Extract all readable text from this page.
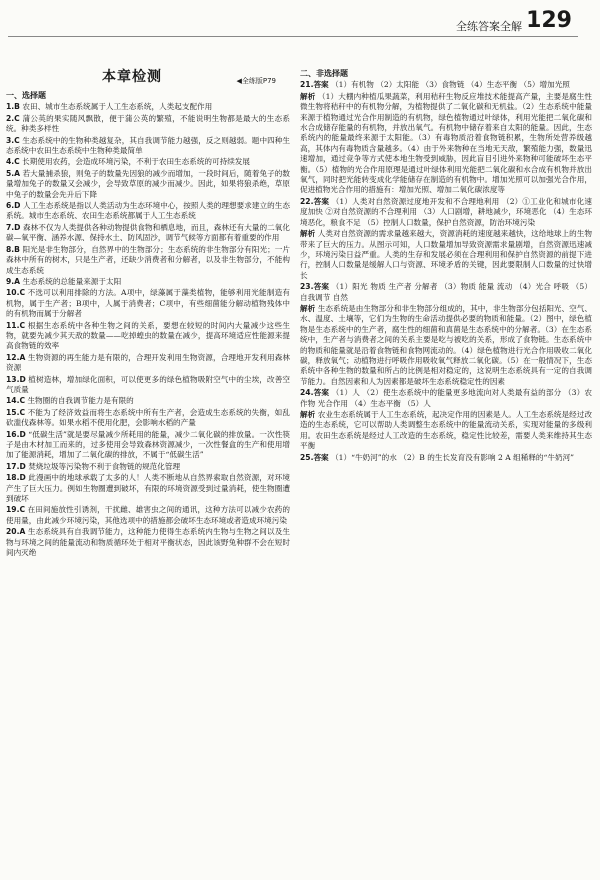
全练答案全解 129
本章检测	◀全练版P79
一、选择题
1.B 农田、城市生态系统属于人工生态系统，人类起支配作用
2.C 蒲公英的果实随风飘散，便于蒲公英的繁殖，不能说明生物都是最大的生态系统。种类多样性
3.C 生态系统中的生物种类越复杂，其自我调节能力越强，反之则越弱。题中四种生态系统中农田生态系统中生物种类最简单
4.C 长期使用农药，会造成环境污染，不利于农田生态系统的可持续发展
5.A 若大量捕杀狼，则兔子的数量先因狼的减少而增加，一段时间后，随着兔子的数量增加兔子的数量又会减少，会导致草原的减少而减少。因此，如果将狼杀绝，草原中兔子的数量会先升后下降
6.D 人工生态系统是指以人类活动为生态环境中心，按照人类的理想要求建立的生态系统。城市生态系统、农田生态系统都属于人工生态系统
7.D 森林不仅为人类提供各种动物提供食物和栖息地，而且，森林还有大量的二氧化碳—氧平衡、涵养水源、保持水土、防风固沙，调节气候等方面都有着重要的作用
8.B 阳光是非生物部分，自然界中的生物部分；生态系统的非生物部分有阳光；一片森林中所有的树木，只是生产者，还缺少消费者和分解者，以及非生物部分，不能构成生态系统
9.A 生态系统的总能量来源于太阳
10.C 不选可以利用排除的方法。A项中，绿藻属于藻类植物，能够利用光能制造有机物，属于生产者；B项中，人属于消费者；C项中，有些细菌能分解动植物残体中的有机物而属于分解者
11.C 根据生态系统中各种生物之间的关系，要想在较短的时间内大量减少这些生物，就要先减少其天敌的数量——吃掉蝗虫的数量在减少，提高环境适应性能源来提高食物链的效率
12.A 生物资源的再生能力是有限的，合理开发利用生物资源，合理地开发利用森林资源
13.D 植树造林，增加绿化面积，可以使更多的绿色植物吸附空气中的尘埃，改善空气质量
14.C 生物圈的自我调节能力是有限的
15.C 不能为了经济效益而将生态系统中所有生产者，会造成生态系统的失衡，如乱砍滥伐森林等。如果水稻不使用化肥，会影响水稻的产量
16.D “低碳生活”就是要尽量减少所耗用的能量，减少二氧化碳的排放量。一次性筷子是由木材加工而来的，过多使用会导致森林资源减少，一次性餐盒的生产和使用增加了能源消耗，增加了二氧化碳的排放，不属于“低碳生活”
17.D 焚烧垃圾等污染物不利于食物链的规范化管理
18.D 此漫画中的地球承载了太多的人！人类不断地从自然界索取自然资源，对环境产生了巨大压力。例如生物圈遭到破坏，有限的环境资源受到过量消耗，使生物圈遭到破坏
19.C 在田间施放性引诱剂，干扰雌、雄害虫之间的通讯，这种方法可以减少农药的使用量，由此减少环境污染，其他选项中的措施都会破坏生态环境或者造成环境污染
20.A 生态系统具有自我调节能力，这种能力使得生态系统内生物与生物之间以及生物与环境之间的能量流动和物质循环处于相对平衡状态，因此该野兔种群不会在短时间内灭绝
二、非选择题
21.答案 （1）有机物 （2）太阳能 （3）食物链 （4）生态平衡 （5）增加光照
解析 （1）大棚内种植瓜果蔬菜，利用秸秆生物反应堆技术能提高产量，主要是腐生性微生物将秸秆中的有机物分解，为植物提供了二氧化碳和无机盐。（2）生态系统中能量来源于植物通过光合作用制造的有机物，绿色植物通过叶绿体，利用光能把二氧化碳和水合成储存能量的有机物，并放出氧气。有机物中储存着来自太阳的能量。因此，生态系统内的能量最终来源于太阳能。（3）有毒物质沿着食物链积累，生物所处营养级越高，其体内有毒物质含量越多。（4）由于外来物种在当地无天敌，繁殖能力强，数量迅速增加，通过竞争等方式使本地生物受到威胁，因此盲目引进外来物种可能破坏生态平衡。（5）植物的光合作用原理是通过叶绿体利用光能把二氧化碳和水合成有机物并放出氧气，同时把光能转变成化学能储存在制造的有机物中。增加光照可以加强光合作用，促进植物光合作用的措施有：增加光照、增加二氧化碳浓度等
22.答案 （1）人类对自然资源过度地开发和不合理地利用 （2）①工业化和城市化速度加快 ②对自然资源的不合理利用 （3）人口剧增，耕地减少，环境恶化 （4）生态环境恶化，粮食不足 （5）控制人口数量，保护自然资源，防治环境污染
解析 人类对自然资源的需求量越来越大，资源消耗的速度越来越快，这给地球上的生物带来了巨大的压力。从图示可知，人口数量增加导致资源需求量剧增，自然资源迅速减少，环境污染日益严重。人类的生存和发展必须在合理利用和保护自然资源的前提下进行，控制人口数量是缓解人口与资源、环境矛盾的关键，因此要限制人口数量的过快增长
23.答案 （1）阳光 物质 生产者 分解者 （3）物质 能量 流动 （4）光合 呼吸 （5）自我调节 自然
解析 生态系统是由生物部分和非生物部分组成的，其中，非生物部分包括阳光、空气、水、温度、土壤等，它们为生物的生命活动提供必要的物质和能量。（2）图中，绿色植物是生态系统中的生产者，腐生性的细菌和真菌是生态系统中的分解者。（3）在生态系统中，生产者与消费者之间的关系主要是吃与被吃的关系，形成了食物链。生态系统中的物质和能量就是沿着食物链和食物网流动的。（4）绿色植物进行光合作用吸收二氧化碳，释放氧气；动植物进行呼吸作用吸收氧气释放二氧化碳。（5）在一般情况下，生态系统中各种生物的数量和所占的比例是相对稳定的，这说明生态系统具有一定的自我调节能力。自然因素和人为因素都是破坏生态系统稳定性的因素
24.答案 （1）人 （2）使生态系统中的能量更多地流向对人类最有益的部分 （3）农作物 光合作用 （4）生态平衡 （5）人
解析 农业生态系统属于人工生态系统，起决定作用的因素是人。人工生态系统是经过改造的生态系统，它可以帮助人类调整生态系统中的能量流动关系，实现对能量的多级利用。农田生态系统是经过人工改造的生态系统，稳定性比较差，需要人类来维持其生态平衡
25.答案 （1）“牛奶河”的水 （2）B 的生长发育没有影响 2 A 组稀释的“牛奶河”
